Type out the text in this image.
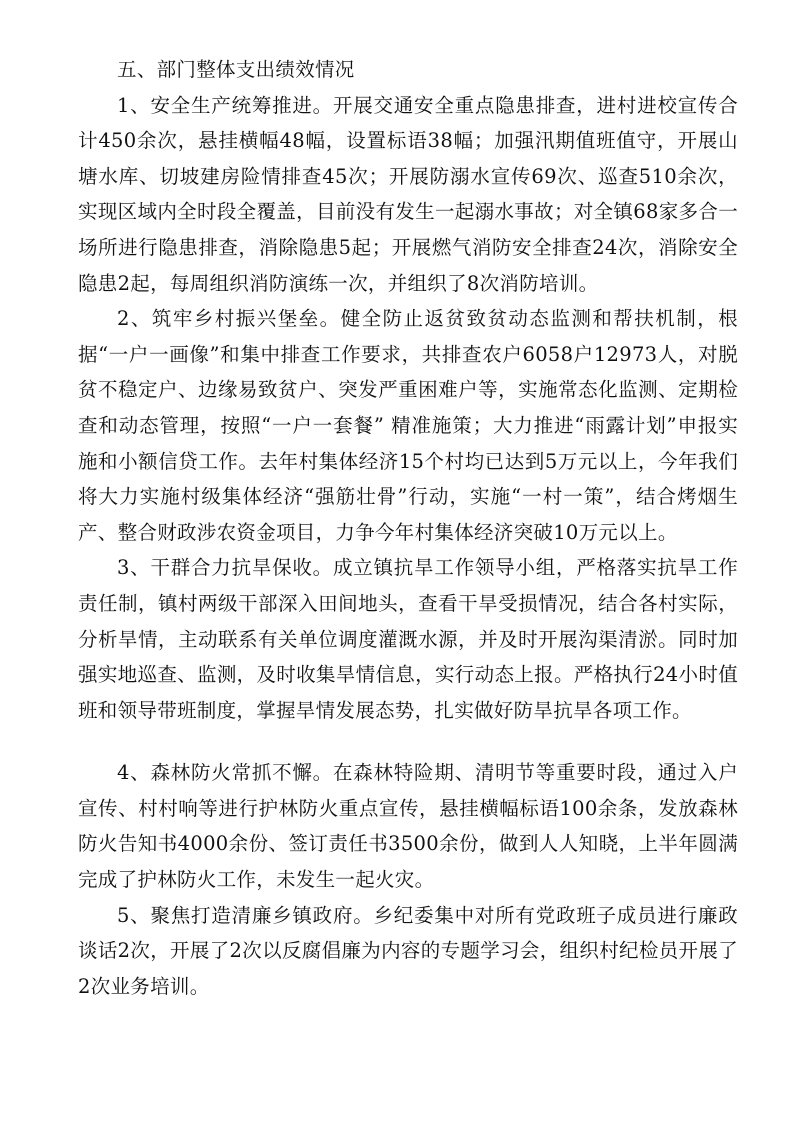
五、部门整体支出绩效情况

1、安全生产统筹推进。开展交通安全重点隐患排查，进村进校宣传合计450余次，悬挂横幅48幅，设置标语38幅；加强汛期值班值守，开展山塘水库、切坡建房险情排查45次；开展防溺水宣传69次、巡查510余次，实现区域内全时段全覆盖，目前没有发生一起溺水事故；对全镇68家多合一场所进行隐患排查，消除隐患5起；开展燃气消防安全排查24次，消除安全隐患2起，每周组织消防演练一次，并组织了8次消防培训。

2、筑牢乡村振兴堡垒。健全防止返贫致贫动态监测和帮扶机制，根据“一户一画像”和集中排查工作要求，共排查农户6058户12973人，对脱贫不稳定户、边缘易致贫户、突发严重困难户等，实施常态化监测、定期检查和动态管理，按照“一户一套餐” 精准施策；大力推进“雨露计划”申报实施和小额信贷工作。去年村集体经济15个村均已达到5万元以上，今年我们将大力实施村级集体经济“强筋壮骨”行动，实施“一村一策”，结合烤烟生产、整合财政涉农资金项目，力争今年村集体经济突破10万元以上。

3、干群合力抗旱保收。成立镇抗旱工作领导小组，严格落实抗旱工作责任制，镇村两级干部深入田间地头，查看干旱受损情况，结合各村实际，分析旱情，主动联系有关单位调度灌溉水源，并及时开展沟渠清淤。同时加强实地巡查、监测，及时收集旱情信息，实行动态上报。严格执行24小时值班和领导带班制度，掌握旱情发展态势，扎实做好防旱抗旱各项工作。

4、森林防火常抓不懈。在森林特险期、清明节等重要时段，通过入户宣传、村村响等进行护林防火重点宣传，悬挂横幅标语100余条，发放森林防火告知书4000余份、签订责任书3500余份，做到人人知晓，上半年圆满完成了护林防火工作，未发生一起火灾。

5、聚焦打造清廉乡镇政府。乡纪委集中对所有党政班子成员进行廉政谈话2次，开展了2次以反腐倡廉为内容的专题学习会，组织村纪检员开展了2次业务培训。
